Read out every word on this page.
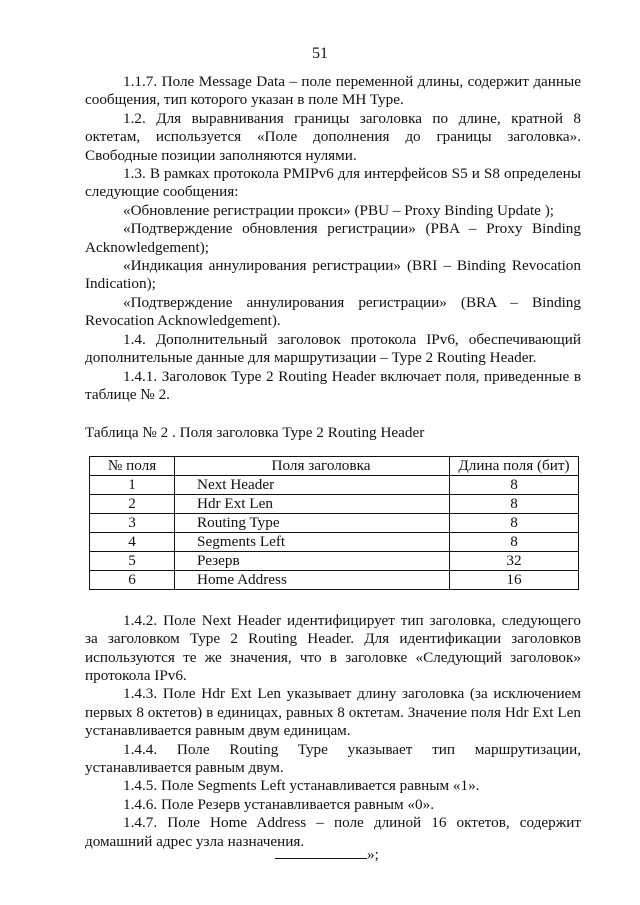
51

1.1.7. Поле Message Data – поле переменной длины, содержит данные сообщения, тип которого указан в поле MH Type.

1.2. Для выравнивания границы заголовка по длине, кратной 8 октетам, используется «Поле дополнения до границы заголовка». Свободные позиции заполняются нулями.

1.3. В рамках протокола PMIPv6 для интерфейсов S5 и S8 определены следующие сообщения:

«Обновление регистрации прокси» (PBU – Proxy Binding Update );

«Подтверждение обновления регистрации» (PBA – Proxy Binding Acknowledgement);

«Индикация аннулирования регистрации» (BRI – Binding Revocation Indication);

«Подтверждение аннулирования регистрации» (BRA – Binding Revocation Acknowledgement).

1.4. Дополнительный заголовок протокола IPv6, обеспечивающий дополнительные данные для маршрутизации – Type 2 Routing Header.

1.4.1. Заголовок Type 2 Routing Header включает поля, приведенные в таблице № 2.

Таблица № 2 . Поля заголовка Type 2 Routing Header

№ поля	Поля заголовка	Длина поля (бит)
1	Next Header	8
2	Hdr Ext Len	8
3	Routing Type	8
4	Segments Left	8
5	Резерв	32
6	Home Address	16

1.4.2. Поле Next Header идентифицирует тип заголовка, следующего за заголовком Type 2 Routing Header. Для идентификации заголовков используются те же значения, что в заголовке «Следующий заголовок» протокола IPv6.

1.4.3. Поле Hdr Ext Len указывает длину заголовка (за исключением первых 8 октетов) в единицах, равных 8 октетам. Значение поля Hdr Ext Len устанавливается равным двум единицам.

1.4.4. Поле Routing Type указывает тип маршрутизации, устанавливается равным двум.

1.4.5. Поле Segments Left устанавливается равным «1».

1.4.6. Поле Резерв устанавливается равным «0».

1.4.7. Поле Home Address – поле длиной 16 октетов, содержит домашний адрес узла назначения.

»;
